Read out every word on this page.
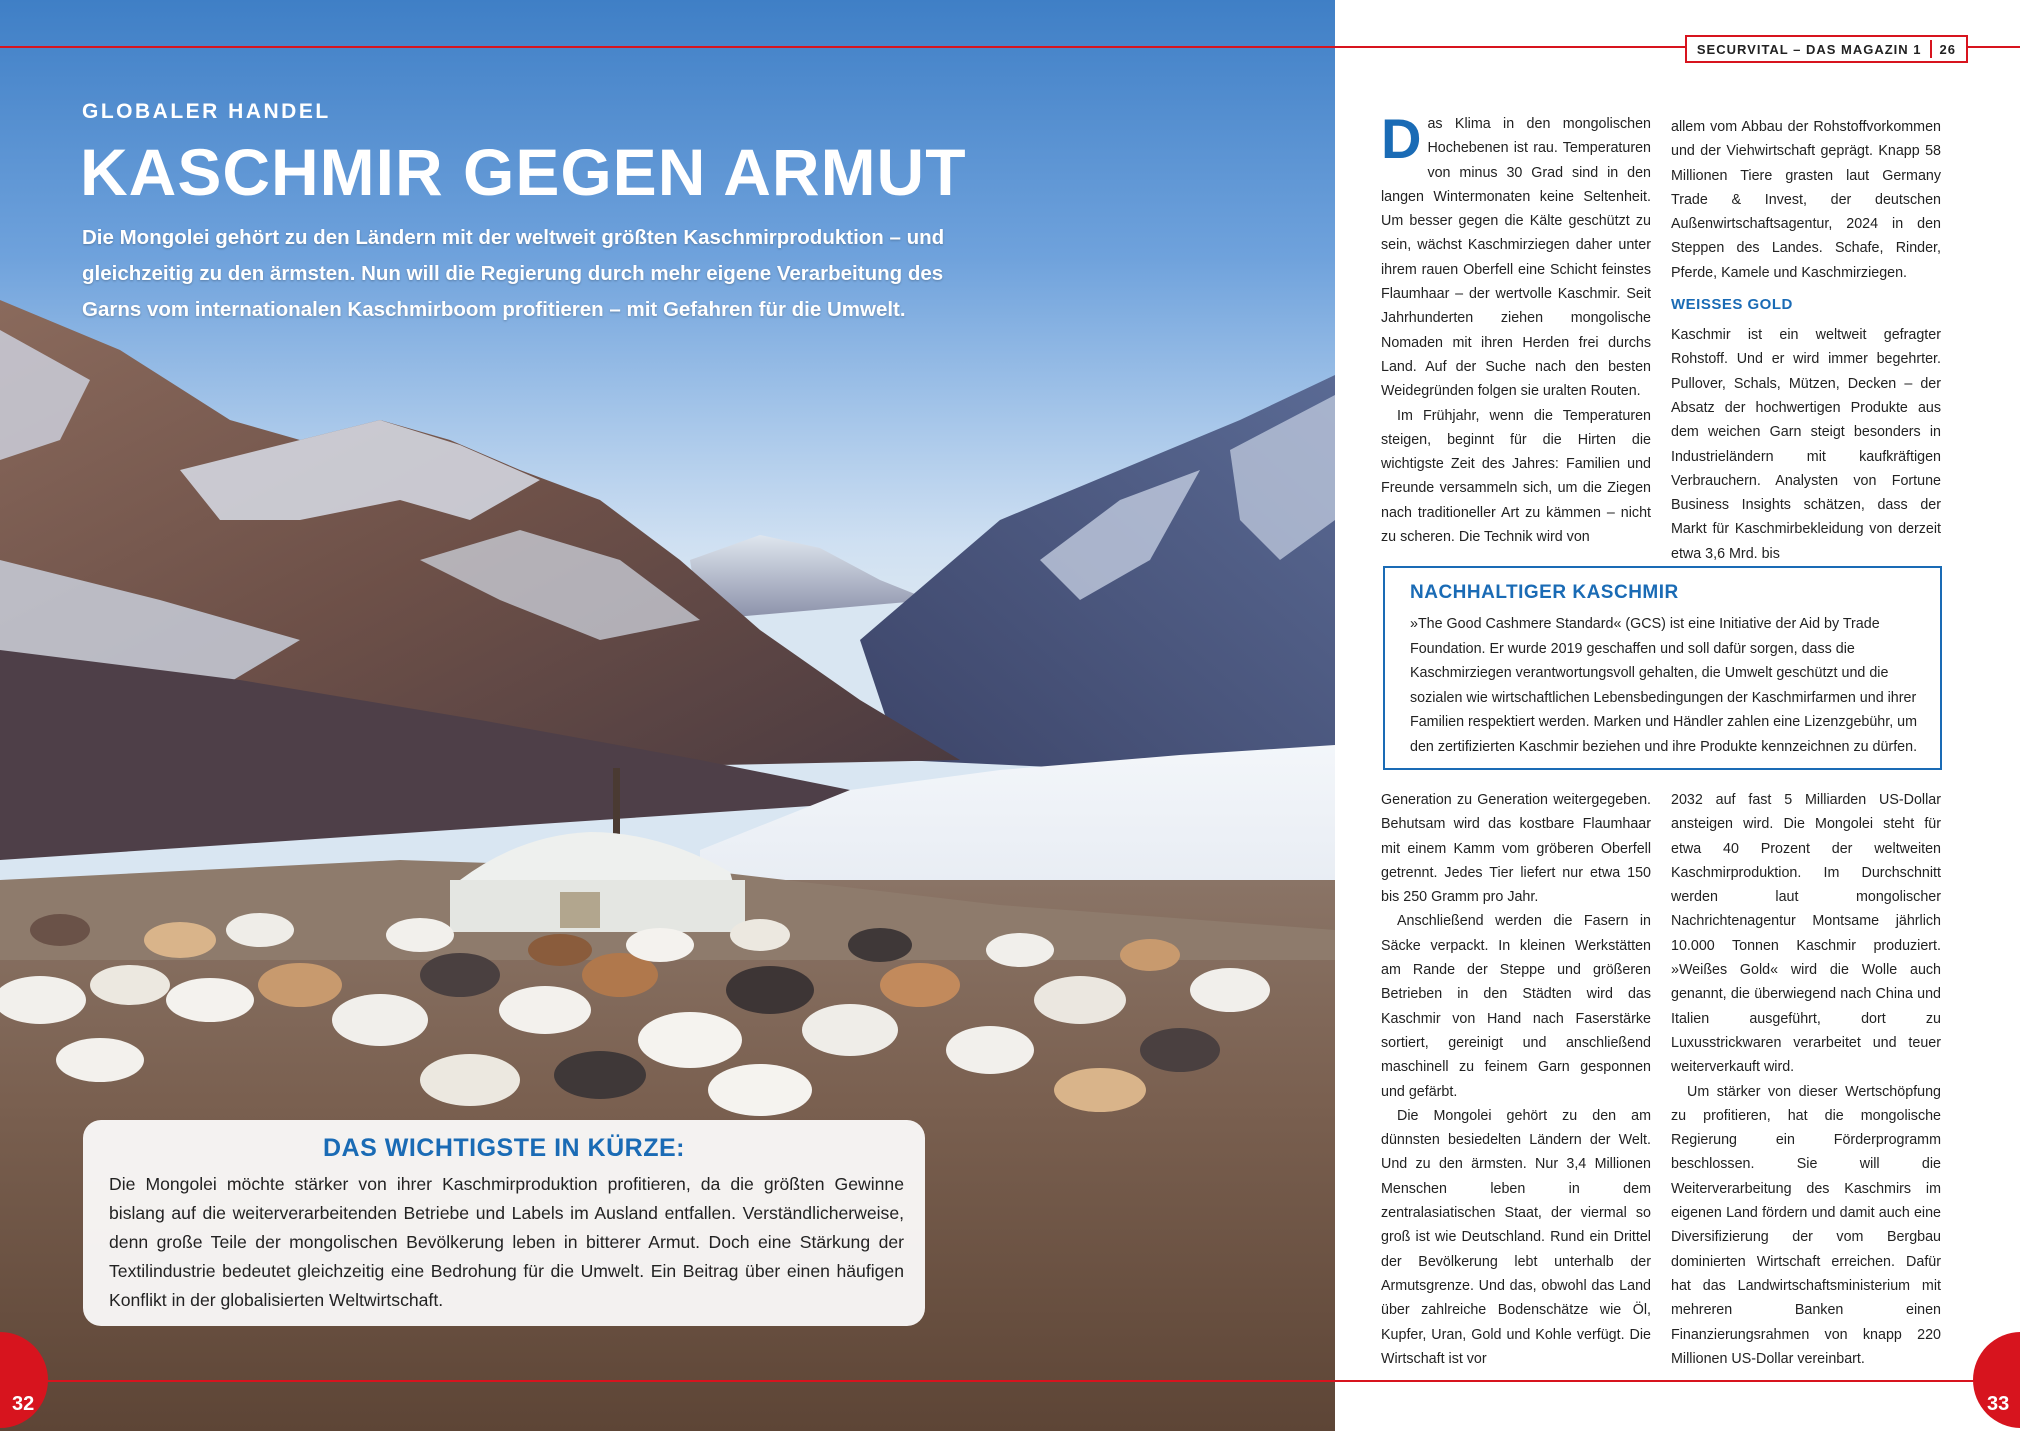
GLOBALER HANDEL
KASCHMIR GEGEN ARMUT
Die Mongolei gehört zu den Ländern mit der weltweit größten Kaschmirproduktion – und gleichzeitig zu den ärmsten. Nun will die Regierung durch mehr eigene Verarbeitung des Garns vom internationalen Kaschmirboom profitieren – mit Gefahren für die Umwelt.
DAS WICHTIGSTE IN KÜRZE:
Die Mongolei möchte stärker von ihrer Kaschmirproduktion profitieren, da die größten Gewinne bislang auf die weiterverarbeitenden Betriebe und Labels im Ausland entfallen. Verständlicherweise, denn große Teile der mongolischen Bevölkerung leben in bitterer Armut. Doch eine Stärkung der Textilindustrie bedeutet gleichzeitig eine Bedrohung für die Umwelt. Ein Beitrag über einen häufigen Konflikt in der globalisierten Weltwirtschaft.
32
SECURVITAL – DAS MAGAZIN 1 26

Das Klima in den mongolischen Hochebenen ist rau. Temperaturen von minus 30 Grad sind in den langen Wintermonaten keine Seltenheit. Um besser gegen die Kälte geschützt zu sein, wächst Kaschmirziegen daher unter ihrem rauen Oberfell eine Schicht feinstes Flaumhaar – der wertvolle Kaschmir. Seit Jahrhunderten ziehen mongolische Nomaden mit ihren Herden frei durchs Land. Auf der Suche nach den besten Weidegründen folgen sie uralten Routen.

Im Frühjahr, wenn die Temperaturen steigen, beginnt für die Hirten die wichtigste Zeit des Jahres: Familien und Freunde versammeln sich, um die Ziegen nach traditioneller Art zu kämmen – nicht zu scheren. Die Technik wird von

allem vom Abbau der Rohstoffvorkommen und der Viehwirtschaft geprägt. Knapp 58 Millionen Tiere grasten laut Germany Trade & Invest, der deutschen Außenwirtschaftsagentur, 2024 in den Steppen des Landes. Schafe, Rinder, Pferde, Kamele und Kaschmirziegen.

WEISSES GOLD

Kaschmir ist ein weltweit gefragter Rohstoff. Und er wird immer begehrter. Pullover, Schals, Mützen, Decken – der Absatz der hochwertigen Produkte aus dem weichen Garn steigt besonders in Industrieländern mit kaufkräftigen Verbrauchern. Analysten von Fortune Business Insights schätzen, dass der Markt für Kaschmirbekleidung von derzeit etwa 3,6 Mrd. bis

NACHHALTIGER KASCHMIR
»The Good Cashmere Standard« (GCS) ist eine Initiative der Aid by Trade Foundation. Er wurde 2019 geschaffen und soll dafür sorgen, dass die Kaschmirziegen verantwortungsvoll gehalten, die Umwelt geschützt und die sozialen wie wirtschaftlichen Lebensbedingungen der Kaschmirfarmen und ihrer Familien respektiert werden. Marken und Händler zahlen eine Lizenzgebühr, um den zertifizierten Kaschmir beziehen und ihre Produkte kennzeichnen zu dürfen.

Generation zu Generation weitergegeben. Behutsam wird das kostbare Flaumhaar mit einem Kamm vom gröberen Oberfell getrennt. Jedes Tier liefert nur etwa 150 bis 250 Gramm pro Jahr.

Anschließend werden die Fasern in Säcke verpackt. In kleinen Werkstätten am Rande der Steppe und größeren Betrieben in den Städten wird das Kaschmir von Hand nach Faserstärke sortiert, gereinigt und anschließend maschinell zu feinem Garn gesponnen und gefärbt.

Die Mongolei gehört zu den am dünnsten besiedelten Ländern der Welt. Und zu den ärmsten. Nur 3,4 Millionen Menschen leben in dem zentralasiatischen Staat, der viermal so groß ist wie Deutschland. Rund ein Drittel der Bevölkerung lebt unterhalb der Armutsgrenze. Und das, obwohl das Land über zahlreiche Bodenschätze wie Öl, Kupfer, Uran, Gold und Kohle verfügt. Die Wirtschaft ist vor

2032 auf fast 5 Milliarden US-Dollar ansteigen wird. Die Mongolei steht für etwa 40 Prozent der weltweiten Kaschmirproduktion. Im Durchschnitt werden laut mongolischer Nachrichtenagentur Montsame jährlich 10.000 Tonnen Kaschmir produziert. »Weißes Gold« wird die Wolle auch genannt, die überwiegend nach China und Italien ausgeführt, dort zu Luxusstrickwaren verarbeitet und teuer weiterverkauft wird.

Um stärker von dieser Wertschöpfung zu profitieren, hat die mongolische Regierung ein Förderprogramm beschlossen. Sie will die Weiterverarbeitung des Kaschmirs im eigenen Land fördern und damit auch eine Diversifizierung der vom Bergbau dominierten Wirtschaft erreichen. Dafür hat das Landwirtschaftsministerium mit mehreren Banken einen Finanzierungsrahmen von knapp 220 Millionen US-Dollar vereinbart.

33
